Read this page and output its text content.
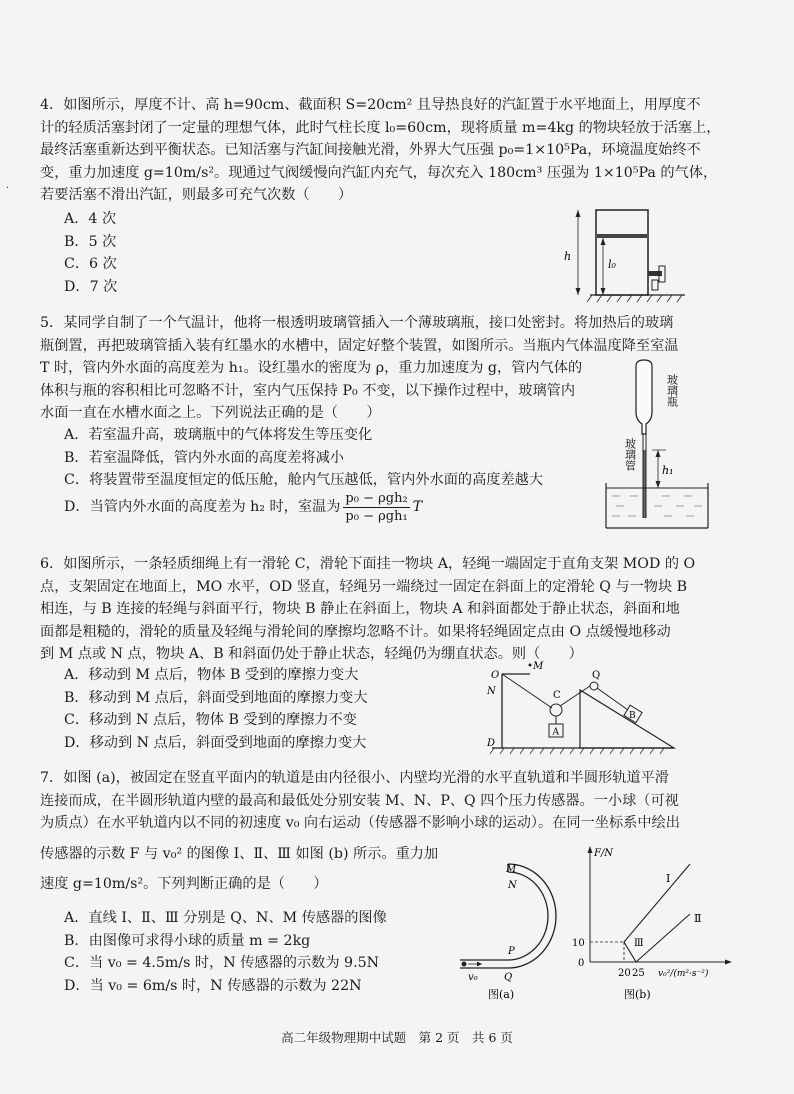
·

4．如图所示，厚度不计、高 h=90cm、截面积 S=20cm² 且导热良好的汽缸置于水平地面上，用厚度不

计的轻质活塞封闭了一定量的理想气体，此时气柱长度 l₀=60cm，现将质量 m=4kg 的物块轻放于活塞上，

最终活塞重新达到平衡状态。已知活塞与汽缸间接触光滑，外界大气压强 p₀=1×10⁵Pa，环境温度始终不

变，重力加速度 g=10m/s²。现通过气阀缓慢向汽缸内充气，每次充入 180cm³ 压强为 1×10⁵Pa 的气体，

若要活塞不滑出汽缸，则最多可充气次数（　　）

A．4 次
B．5 次
C．6 次
D．7 次
h
l₀

5．某同学自制了一个气温计，他将一根透明玻璃管插入一个薄玻璃瓶，接口处密封。将加热后的玻璃

瓶倒置，再把玻璃管插入装有红墨水的水槽中，固定好整个装置，如图所示。当瓶内气体温度降至室温

T 时，管内外水面的高度差为 h₁。设红墨水的密度为 ρ，重力加速度为 g，管内气体的

体积与瓶的容积相比可忽略不计，室内气压保持 P₀ 不变，以下操作过程中，玻璃管内

水面一直在水槽水面之上。下列说法正确的是（　　）

A．若室温升高，玻璃瓶中的气体将发生等压变化
B．若室温降低，管内外水面的高度差将减小
C．将装置带至温度恒定的低压舱，舱内气压越低，管内外水面的高度差越大
D．当管内外水面的高度差为 h₂ 时，室温为
p₀ − ρgh₂
p₀ − ρgh₁
T
玻璃瓶
玻璃管 h₁

6．如图所示，一条轻质细绳上有一滑轮 C，滑轮下面挂一物块 A，轻绳一端固定于直角支架 MOD 的 O

点，支架固定在地面上，MO 水平，OD 竖直，轻绳另一端绕过一固定在斜面上的定滑轮 Q 与一物块 B

相连，与 B 连接的轻绳与斜面平行，物块 B 静止在斜面上，物块 A 和斜面都处于静止状态，斜面和地

面都是粗糙的，滑轮的质量及轻绳与滑轮间的摩擦均忽略不计。如果将轻绳固定点由 O 点缓慢地移动

到 M 点或 N 点，物块 A、B 和斜面仍处于静止状态，轻绳仍为绷直状态。则（　　）

A．移动到 M 点后，物体 B 受到的摩擦力变大
B．移动到 M 点后，斜面受到地面的摩擦力变大
C．移动到 N 点后，物体 B 受到的摩擦力不变
D．移动到 N 点后，斜面受到地面的摩擦力变大
M
O
N
D
C
A
Q
B

7．如图 (a)，被固定在竖直平面内的轨道是由内径很小、内壁均光滑的水平直轨道和半圆形轨道平滑

连接而成，在半圆形轨道内壁的最高和最低处分别安装 M、N、P、Q 四个压力传感器。一小球（可视

为质点）在水平轨道内以不同的初速度 v₀ 向右运动（传感器不影响小球的运动）。在同一坐标系中绘出

传感器的示数 F 与 v₀² 的图像 Ⅰ、Ⅱ、Ⅲ 如图 (b) 所示。重力加

速度 g=10m/s²。下列判断正确的是（　　）

A．直线 Ⅰ、Ⅱ、Ⅲ 分别是 Q、N、M 传感器的图像
B．由图像可求得小球的质量 m = 2kg
C．当 v₀ = 4.5m/s 时，N 传感器的示数为 9.5N
D．当 v₀ = 6m/s 时，N 传感器的示数为 22N
M
N
P
Q
v₀
图(a)
F/N
v₀²/(m²·s⁻²)
10
0
20 25
Ⅰ
Ⅱ
Ⅲ
图(b)
高二年级物理期中试题　第 2 页　共 6 页
